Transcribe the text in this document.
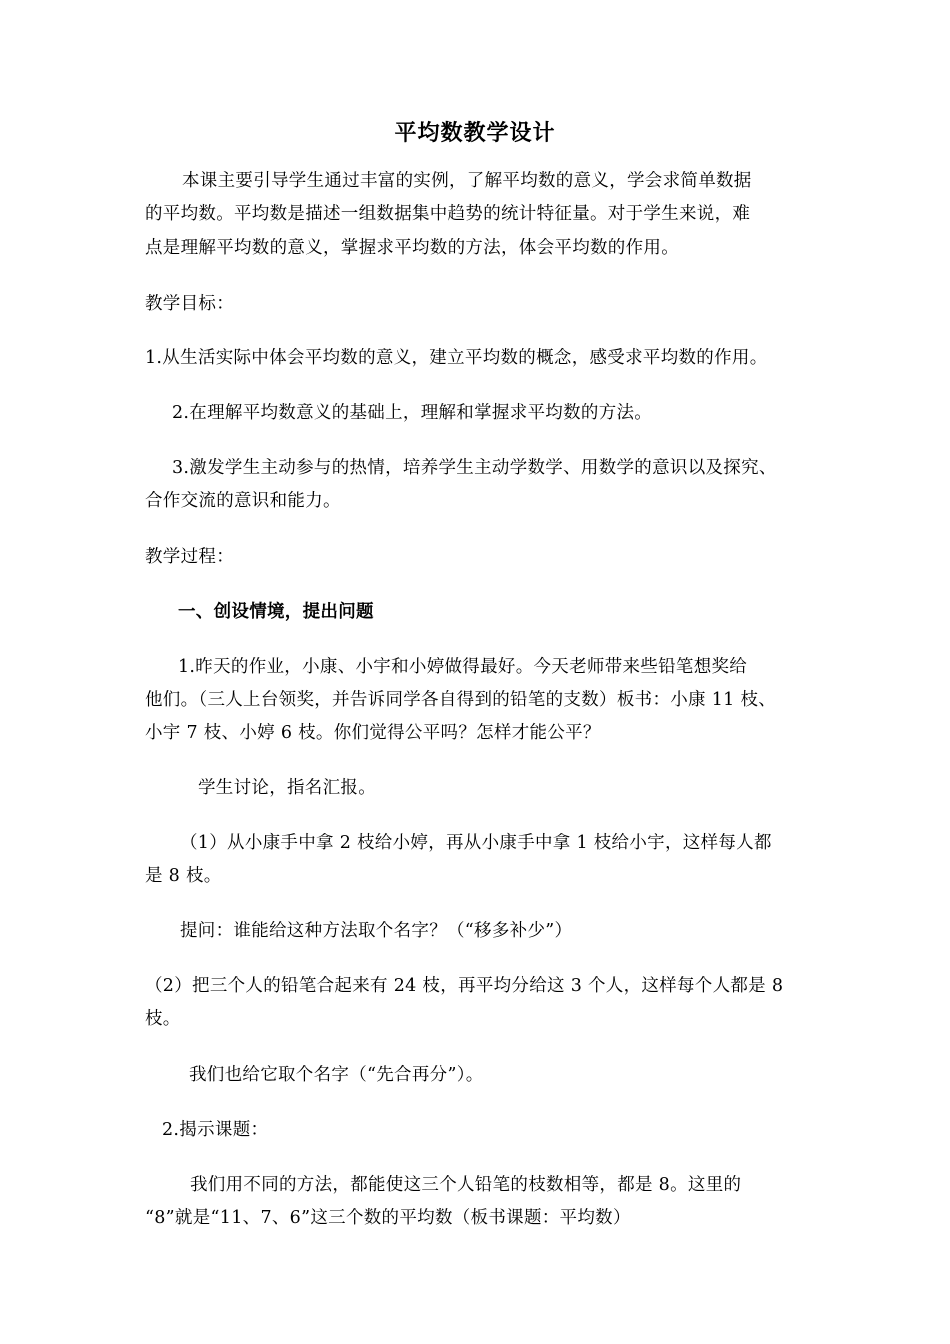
平均数教学设计
本课主要引导学生通过丰富的实例，了解平均数的意义，学会求简单数据
的平均数。平均数是描述一组数据集中趋势的统计特征量。对于学生来说，难
点是理解平均数的意义，掌握求平均数的方法，体会平均数的作用。
教学目标：
1.从生活实际中体会平均数的意义，建立平均数的概念，感受求平均数的作用。
2.在理解平均数意义的基础上，理解和掌握求平均数的方法。
3.激发学生主动参与的热情，培养学生主动学数学、用数学的意识以及探究、
合作交流的意识和能力。
教学过程：
一、创设情境，提出问题
1.昨天的作业，小康、小宇和小婷做得最好。今天老师带来些铅笔想奖给
他们。（三人上台领奖，并告诉同学各自得到的铅笔的支数）板书：小康 11 枝、
小宇 7 枝、小婷 6 枝。你们觉得公平吗？怎样才能公平？
学生讨论，指名汇报。
（1）从小康手中拿 2 枝给小婷，再从小康手中拿 1 枝给小宇，这样每人都
是 8 枝。
提问：谁能给这种方法取个名字？（“移多补少”）
（2）把三个人的铅笔合起来有 24 枝，再平均分给这 3 个人，这样每个人都是 8
枝。
我们也给它取个名字（“先合再分”）。
2.揭示课题：
我们用不同的方法，都能使这三个人铅笔的枝数相等，都是 8。这里的
“8”就是“11、7、6”这三个数的平均数（板书课题：平均数）
